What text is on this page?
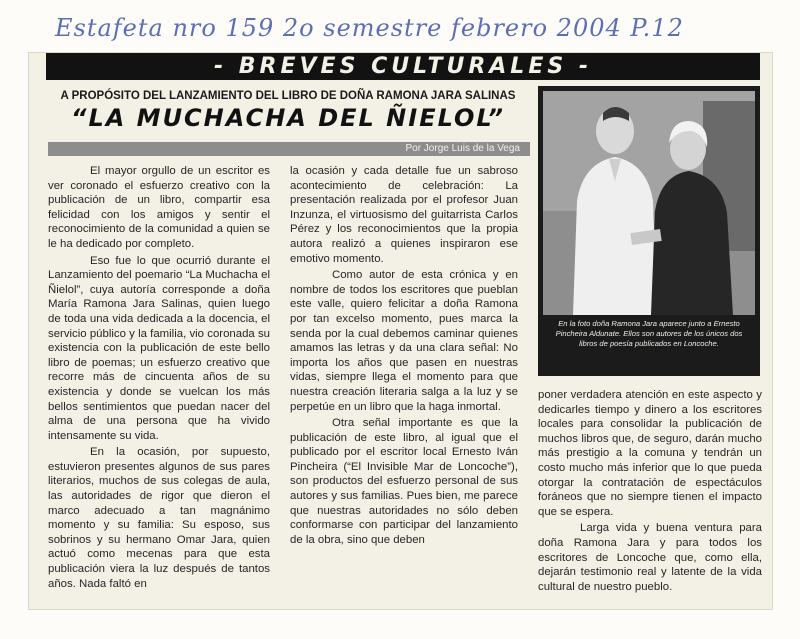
Estafeta nro 159 2o semestre febrero 2004 P.12
- BREVES CULTURALES -
A PROPÓSITO DEL LANZAMIENTO DEL LIBRO DE DOÑA RAMONA JARA SALINAS
“LA MUCHACHA DEL ÑIELOL”
Por Jorge Luis de la Vega

El mayor orgullo de un escritor es ver coronado el esfuerzo creativo con la publicación de un libro, compartir esa felicidad con los amigos y sentir el reconocimiento de la comunidad a quien se le ha dedicado por completo.

Eso fue lo que ocurrió durante el Lanzamiento del poemario “La Muchacha el Ñielol”, cuya autoría corresponde a doña María Ramona Jara Salinas, quien luego de toda una vida dedicada a la docencia, el servicio público y la familia, vio coronada su existencia con la publicación de este bello libro de poemas; un esfuerzo creativo que recorre más de cincuenta años de su existencia y donde se vuelcan los más bellos sentimientos que puedan nacer del alma de una persona que ha vivido intensamente su vida.

En la ocasión, por supuesto, estuvieron presentes algunos de sus pares literarios, muchos de sus colegas de aula, las autoridades de rigor que dieron el marco adecuado a tan magnánimo momento y su familia: Su esposo, sus sobrinos y su hermano Omar Jara, quien actuó como mecenas para que esta publicación viera la luz después de tantos años. Nada faltó en

la ocasión y cada detalle fue un sabroso acontecimiento de celebración: La presentación realizada por el profesor Juan Inzunza, el virtuosismo del guitarrista Carlos Pérez y los reconocimientos que la propia autora realizó a quienes inspiraron ese emotivo momento.

Como autor de esta crónica y en nombre de todos los escritores que pueblan este valle, quiero felicitar a doña Ramona por tan excelso momento, pues marca la senda por la cual debemos caminar quienes amamos las letras y da una clara señal: No importa los años que pasen en nuestras vidas, siempre llega el momento para que nuestra creación literaria salga a la luz y se perpetúe en un libro que la haga inmortal.

Otra señal importante es que la publicación de este libro, al igual que el publicado por el escritor local Ernesto Iván Pincheira (“El Invisible Mar de Loncoche”), son productos del esfuerzo personal de sus autores y sus familias. Pues bien, me parece que nuestras autoridades no sólo deben conformarse con participar del lanzamiento de la obra, sino que deben

En la foto doña Ramona Jara aparece junto a Ernesto Pincheira Aldunate. Ellos son autores de los únicos dos libros de poesía publicados en Loncoche.

poner verdadera atención en este aspecto y dedicarles tiempo y dinero a los escritores locales para consolidar la publicación de muchos libros que, de seguro, darán mucho más prestigio a la comuna y tendrán un costo mucho más inferior que lo que pueda otorgar la contratación de espectáculos foráneos que no siempre tienen el impacto que se espera.

Larga vida y buena ventura para doña Ramona Jara y para todos los escritores de Loncoche que, como ella, dejarán testimonio real y latente de la vida cultural de nuestro pueblo.
